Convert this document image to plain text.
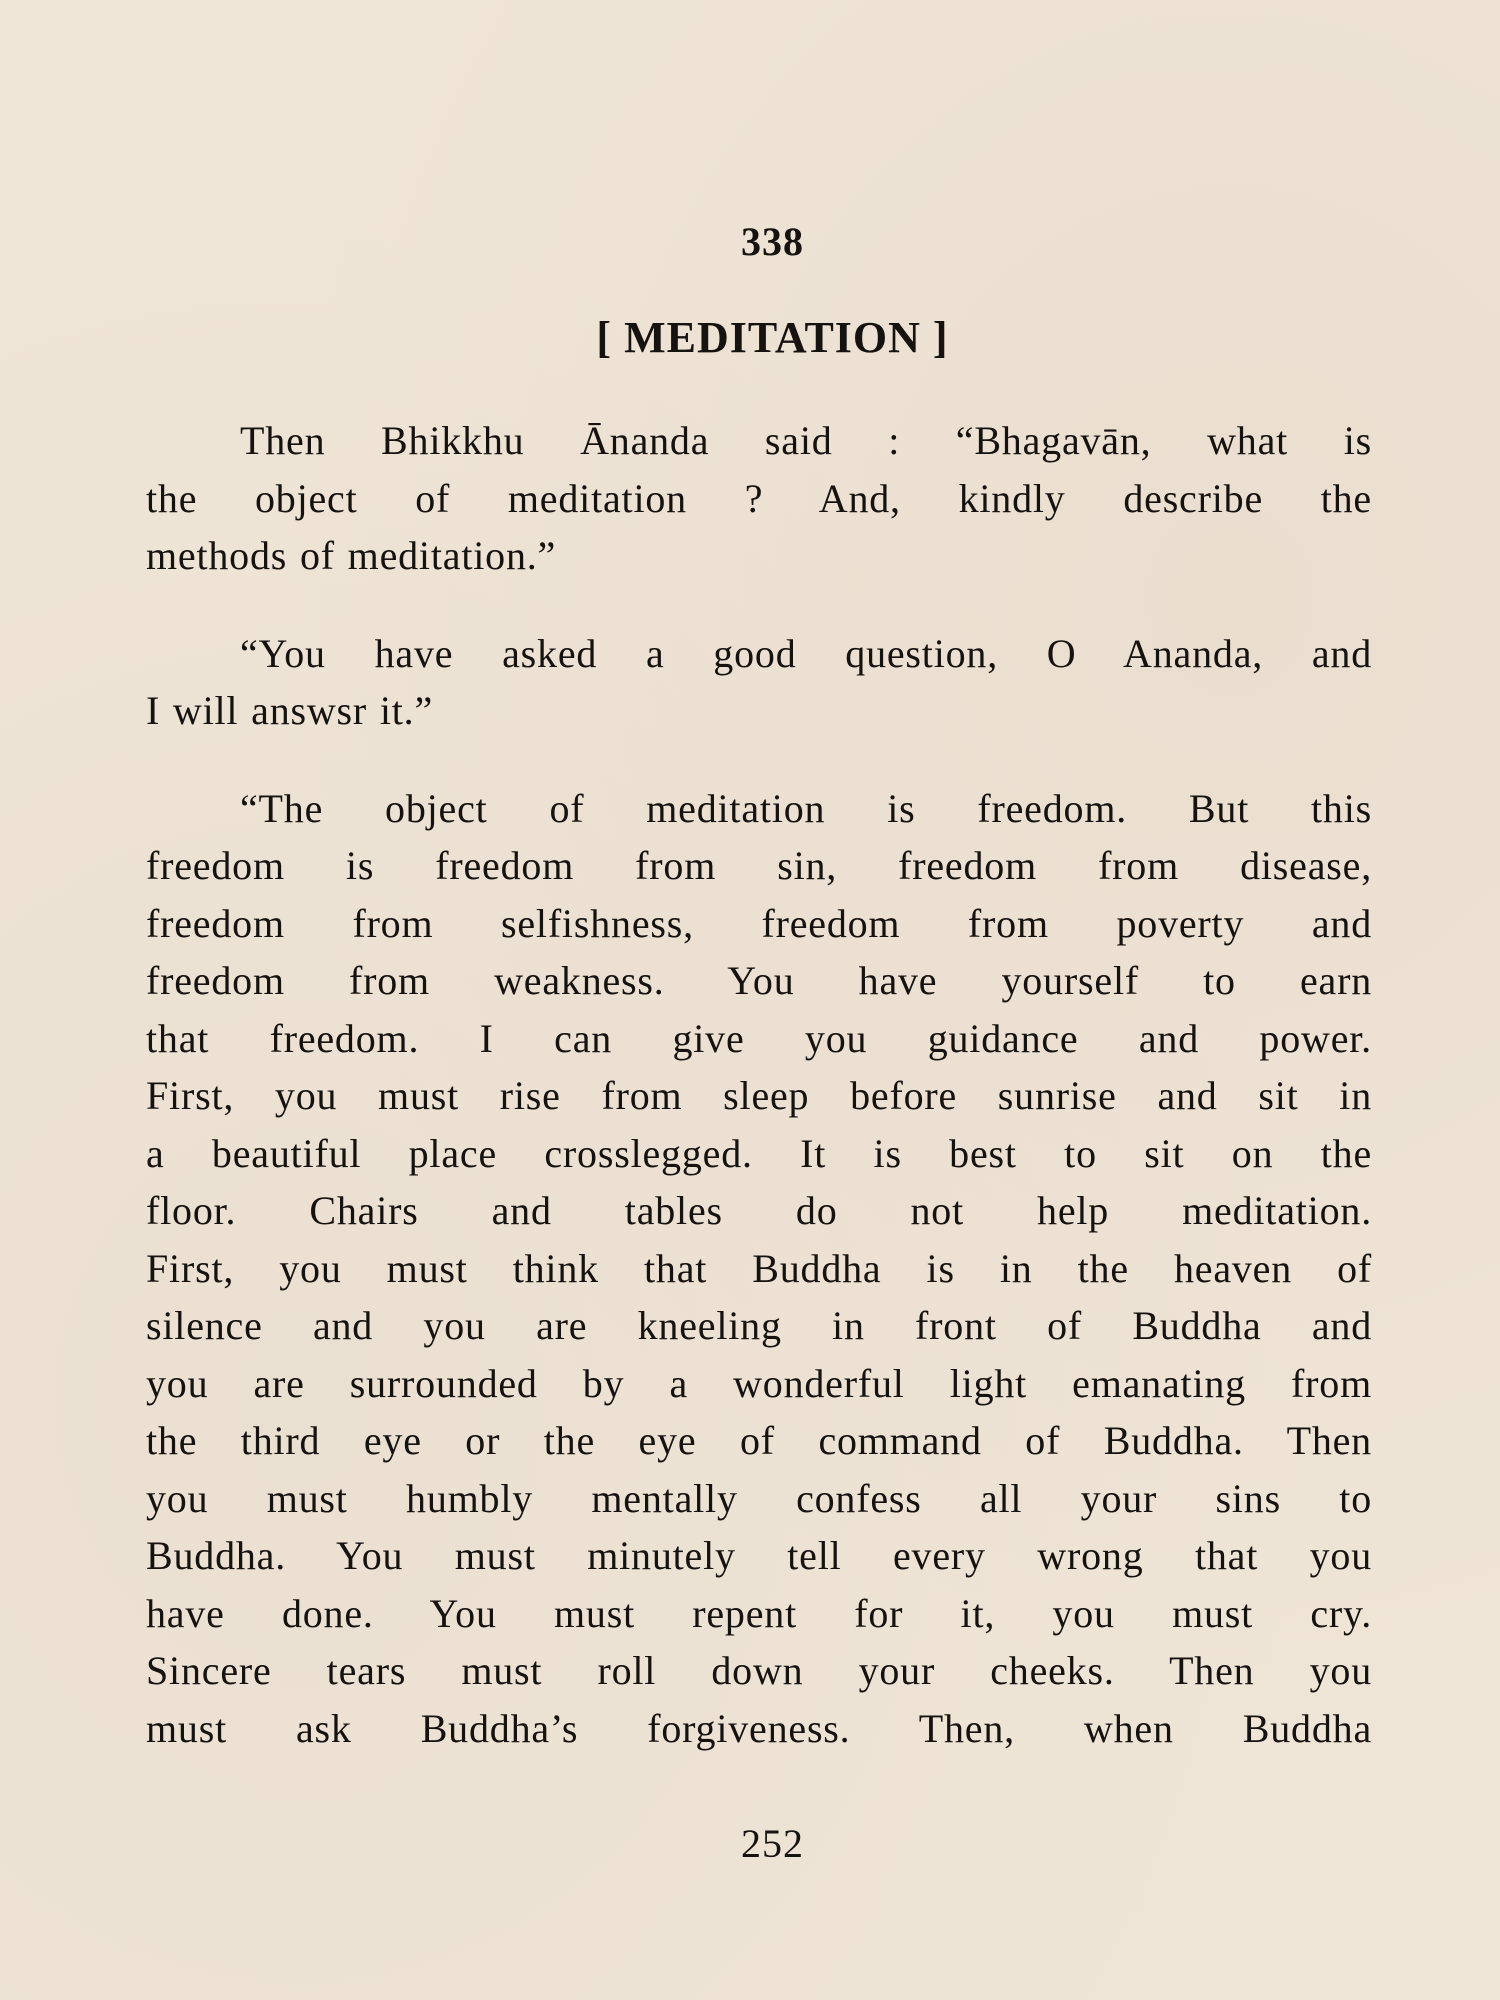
338
[ MEDITATION ]

Then Bhikkhu Ānanda said : “Bhagavān, what is
the object of meditation ? And, kindly describe the
methods of meditation.”

“You have asked a good question, O Ananda, and
I will answsr it.”

“The object of meditation is freedom. But this
freedom is freedom from sin, freedom from disease,
freedom from selfishness, freedom from poverty and
freedom from weakness. You have yourself to earn
that freedom. I can give you guidance and power.
First, you must rise from sleep before sunrise and sit in
a beautiful place crosslegged. It is best to sit on the
floor. Chairs and tables do not help meditation.
First, you must think that Buddha is in the heaven of
silence and you are kneeling in front of Buddha and
you are surrounded by a wonderful light emanating from
the third eye or the eye of command of Buddha. Then
you must humbly mentally confess all your sins to
Buddha. You must minutely tell every wrong that you
have done. You must repent for it, you must cry.
Sincere tears must roll down your cheeks. Then you
must ask Buddha’s forgiveness. Then, when Buddha

252
